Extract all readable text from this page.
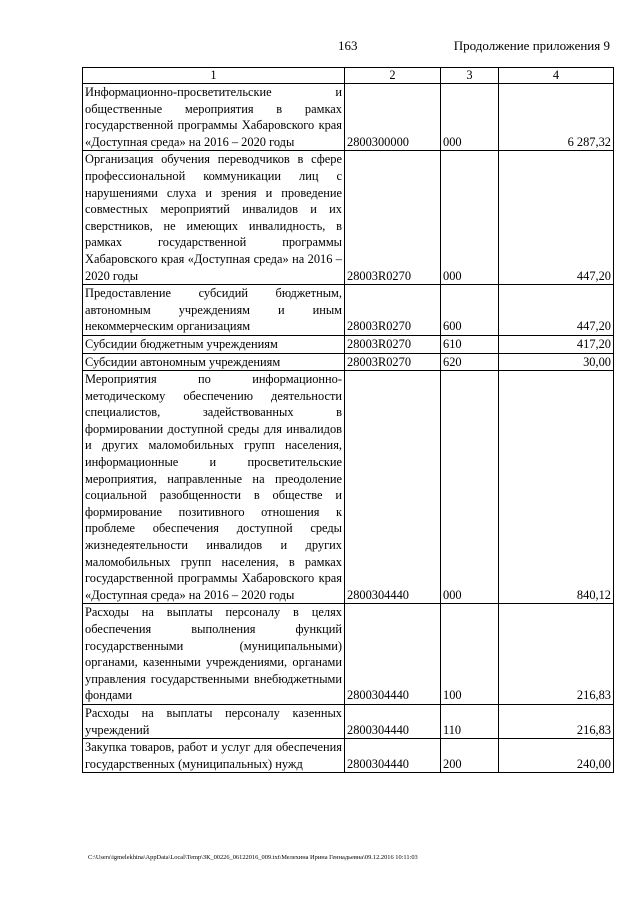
163	Продолжение приложения 9
1	2	3	4
Информационно-просветительские и общественные мероприятия в рамках государственной программы Хабаровского края «Доступная среда» на 2016 – 2020 годы	2800300000	000	6 287,32
Организация обучения переводчиков в сфере профессиональной коммуникации лиц с нарушениями слуха и зрения и проведение совместных мероприятий инвалидов и их сверстников, не имеющих инвалидность, в рамках государственной программы Хабаровского края «Доступная среда» на 2016 – 2020 годы	28003R0270	000	447,20
Предоставление субсидий бюджетным, автономным учреждениям и иным некоммерческим организациям	28003R0270	600	447,20
Субсидии бюджетным учреждениям	28003R0270	610	417,20
Субсидии автономным учреждениям	28003R0270	620	30,00
Мероприятия по информационно-методическому обеспечению деятельности специалистов, задействованных в формировании доступной среды для инвалидов и других маломобильных групп населения, информационные и просветительские мероприятия, направленные на преодоление социальной разобщенности в обществе и формирование позитивного отношения к проблеме обеспечения доступной среды жизнедеятельности инвалидов и других маломобильных групп населения, в рамках государственной программы Хабаровского края «Доступная среда» на 2016 – 2020 годы	2800304440	000	840,12
Расходы на выплаты персоналу в целях обеспечения выполнения функций государственными (муниципальными) органами, казенными учреждениями, органами управления государственными внебюджетными фондами	2800304440	100	216,83
Расходы на выплаты персоналу казенных учреждений	2800304440	110	216,83
Закупка товаров, работ и услуг для обеспечения государственных (муниципальных) нужд	2800304440	200	240,00
C:\Users\igmelekhina\AppData\Local\Temp\ЗК_00226_06122016_009.txt\Мелехина Ирина Геннадьевна\09.12.2016 10:11:03
